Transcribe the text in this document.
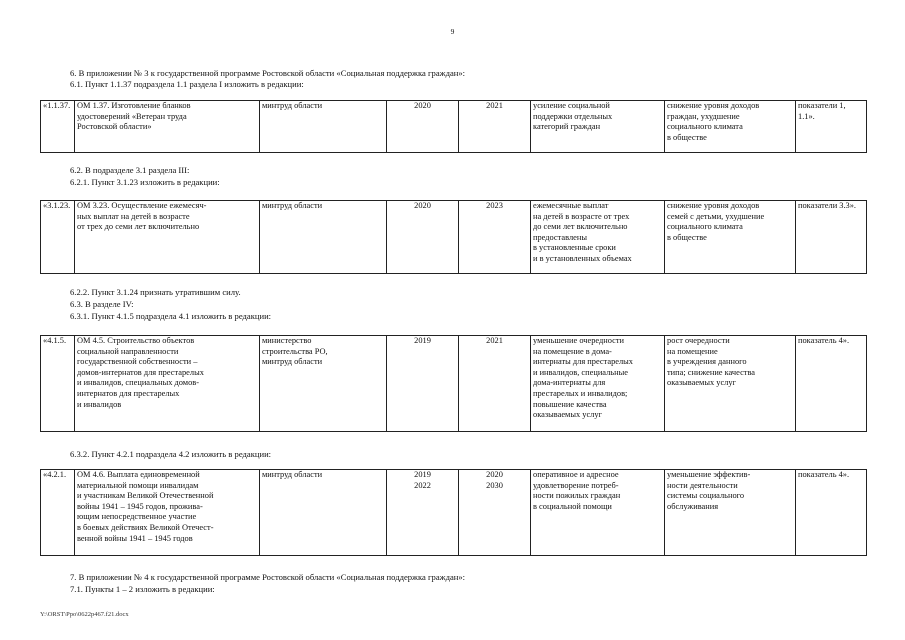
9
6. В приложении № 3 к государственной программе Ростовской области «Социальная поддержка граждан»:
6.1. Пункт 1.1.37 подраздела 1.1 раздела I изложить в редакции:
«1.1.37.	ОМ 1.37. Изготовление бланков
удостоверений «Ветеран труда
Ростовской области»	минтруд области	2020	2021	усиление социальной
поддержки отдельных
категорий граждан	снижение уровня доходов
граждан, ухудшение
социального климата
в обществе	показатели 1, 1.1».
6.2. В подразделе 3.1 раздела III:
6.2.1. Пункт 3.1.23 изложить в редакции:
«3.1.23.	ОМ 3.23. Осуществление ежемесяч-
ных выплат на детей в возрасте
от трех до семи лет включительно	минтруд области	2020	2023	ежемесячные выплат
на детей в возрасте от трех
до семи лет включительно
предоставлены
в установленные сроки
и в установленных объемах	снижение уровня доходов
семей с детьми, ухудшение
социального климата
в обществе	показатели 3.3».
6.2.2. Пункт 3.1.24 признать утратившим силу.
6.3. В разделе IV:
6.3.1. Пункт 4.1.5 подраздела 4.1 изложить в редакции:
«4.1.5.	ОМ 4.5. Строительство объектов
социальной направленности
государственной собственности –
домов-интернатов для престарелых
и инвалидов, специальных домов-
интернатов для престарелых
и инвалидов	министерство
строительства РО,
минтруд области	2019	2021	уменьшение очередности
на помещение в дома-
интернаты для престарелых
и инвалидов, специальные
дома-интернаты для
престарелых и инвалидов;
повышение качества
оказываемых услуг	рост очередности
на помещение
в учреждения данного
типа; снижение качества
оказываемых услуг	показатель 4».
6.3.2. Пункт 4.2.1 подраздела 4.2 изложить в редакции:
«4.2.1.	ОМ 4.6. Выплата единовременной
материальной помощи инвалидам
и участникам Великой Отечественной
войны 1941 – 1945 годов, прожива-
ющим непосредственное участие
в боевых действиях Великой Отечест-
венной войны 1941 – 1945 годов	минтруд области	2019
2022	2020
2030	оперативное и адресное
удовлетворение потреб-
ности пожилых граждан
в социальной помощи	уменьшение эффектив-
ности деятельности
системы социального
обслуживания	показатель 4».
7. В приложении № 4 к государственной программе Ростовской области «Социальная поддержка граждан»:
7.1. Пункты 1 – 2 изложить в редакции:
Y:\ORST\Ppo\0622p467.f21.docx
